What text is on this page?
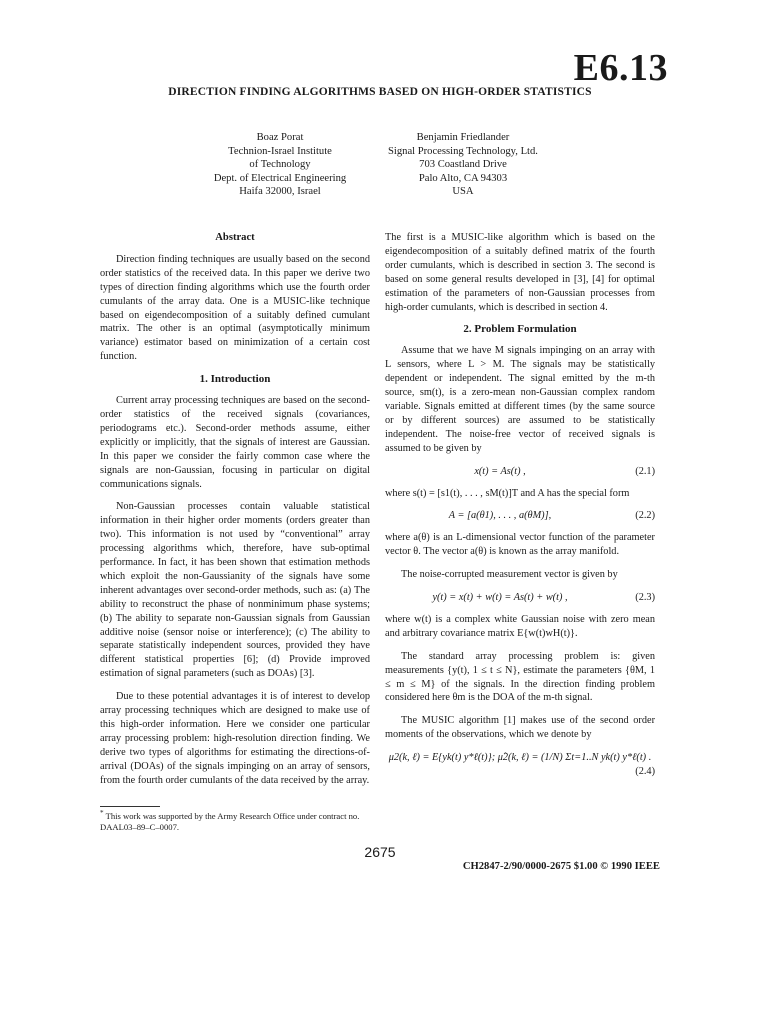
E6.13
DIRECTION FINDING ALGORITHMS BASED ON HIGH-ORDER STATISTICS
Boaz Porat
Technion-Israel Institute
of Technology
Dept. of Electrical Engineering
Haifa 32000, Israel
Benjamin Friedlander
Signal Processing Technology, Ltd.
703 Coastland Drive
Palo Alto, CA 94303
USA
Abstract

Direction finding techniques are usually based on the second order statistics of the received data. In this paper we derive two types of direction finding algorithms which use the fourth order cumulants of the array data. One is a MUSIC-like technique based on eigendecomposition of a suitably defined cumulant matrix. The other is an optimal (asymptotically minimum variance) estimator based on minimization of a certain cost function.

1. Introduction

Current array processing techniques are based on the second-order statistics of the received signals (covariances, periodograms etc.). Second-order methods assume, either explicitly or implicitly, that the signals of interest are Gaussian. In this paper we consider the fairly common case where the signals are non-Gaussian, focusing in particular on digital communications signals.

Non-Gaussian processes contain valuable statistical information in their higher order moments (orders greater than two). This information is not used by “conventional” array processing algorithms which, therefore, have sub-optimal performance. In fact, it has been shown that estimation methods which exploit the non-Gaussianity of the signals have some inherent advantages over second-order methods, such as: (a) The ability to reconstruct the phase of nonminimum phase systems; (b) The ability to separate non-Gaussian signals from Gaussian additive noise (sensor noise or interference); (c) The ability to separate statistically independent sources, provided they have different statistical properties [6]; (d) Provide improved estimation of signal parameters (such as DOAs) [3].

Due to these potential advantages it is of interest to develop array processing techniques which are designed to make use of this high-order information. Here we consider one particular array processing problem: high-resolution direction finding. We derive two types of algorithms for estimating the directions-of-arrival (DOAs) of the signals impinging on an array of sensors, from the fourth order cumulants of the data received by the array.

* This work was supported by the Army Research Office under contract no. DAAL03–89–C–0007.

The first is a MUSIC-like algorithm which is based on the eigendecomposition of a suitably defined matrix of the fourth order cumulants, which is described in section 3. The second is based on some general results developed in [3], [4] for optimal estimation of the parameters of non-Gaussian processes from high-order cumulants, which is described in section 4.

2. Problem Formulation

Assume that we have M signals impinging on an array with L sensors, where L > M. The signals may be statistically dependent or independent. The signal emitted by the m-th source, sm(t), is a zero-mean non-Gaussian complex random variable. Signals emitted at different times (by the same source or by different sources) are assumed to be statistically independent. The noise-free vector of received signals is assumed to be given by

x(t) = As(t) ,	(2.1)

where s(t) = [s1(t), . . . , sM(t)]T and A has the special form

A = [a(θ1), . . . , a(θM)],	(2.2)

where a(θ) is an L-dimensional vector function of the parameter vector θ. The vector a(θ) is known as the array manifold.

The noise-corrupted measurement vector is given by

y(t) = x(t) + w(t) = As(t) + w(t) ,	(2.3)

where w(t) is a complex white Gaussian noise with zero mean and arbitrary covariance matrix E{w(t)wH(t)}.

The standard array processing problem is: given measurements {y(t), 1 ≤ t ≤ N}, estimate the parameters {θM, 1 ≤ m ≤ M} of the signals. In the direction finding problem considered here θm is the DOA of the m-th signal.

The MUSIC algorithm [1] makes use of the second order moments of the observations, which we denote by

μ2(k, ℓ) = E{yk(t) y*ℓ(t)}; μ̂2(k, ℓ) = (1/N) Σt=1..N yk(t) y*ℓ(t) .
(2.4)
2675
CH2847-2/90/0000-2675 $1.00 © 1990 IEEE
